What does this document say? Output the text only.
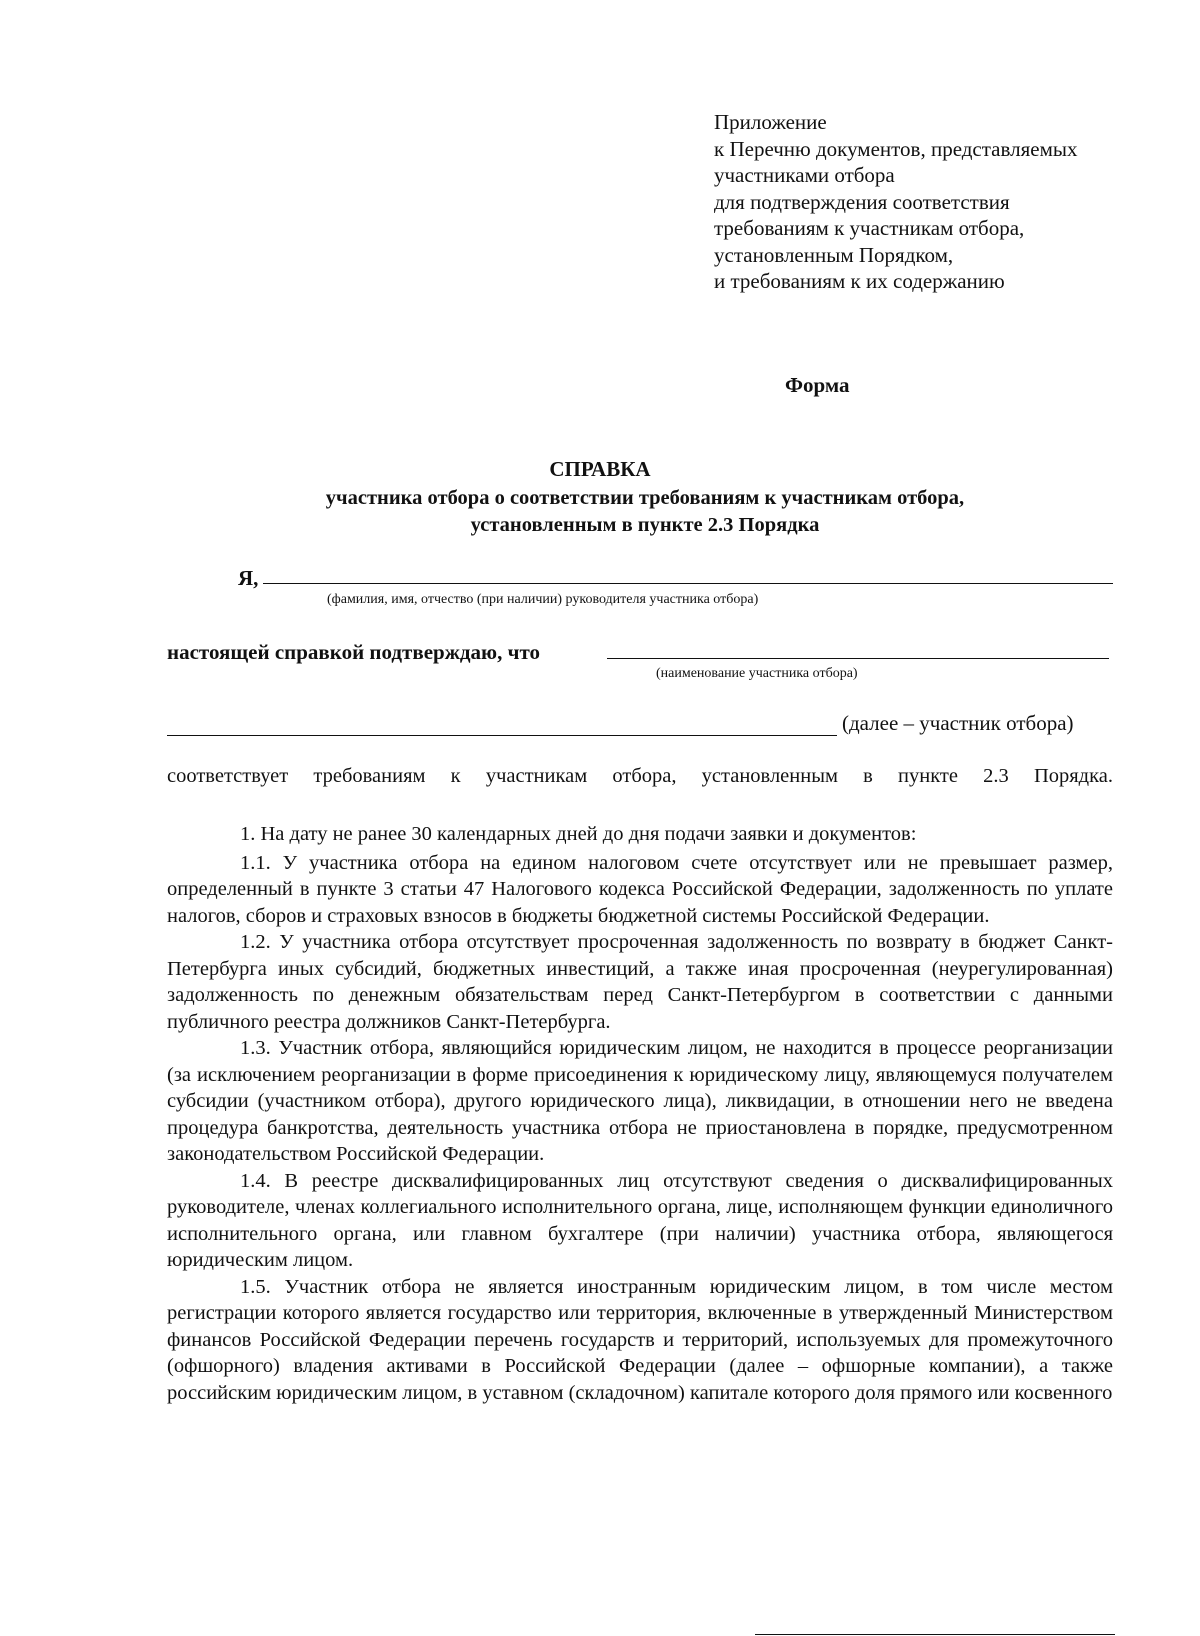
Приложение
к Перечню документов, представляемых
участниками отбора
для подтверждения соответствия
требованиям к участникам отбора,
установленным Порядком,
и требованиям к их содержанию
Форма
СПРАВКА
участника отбора о соответствии требованиям к участникам отбора,
установленным в пункте 2.3 Порядка
Я,
(фамилия, имя, отчество (при наличии) руководителя участника отбора)
настоящей справкой подтверждаю, что
(наименование участника отбора)
(далее – участник отбора)
соответствует требованиям к участникам отбора, установленным в пункте 2.3 Порядка.

1. На дату не ранее 30 календарных дней до дня подачи заявки и документов:

1.1. У участника отбора на едином налоговом счете отсутствует или не превышает размер, определенный в пункте 3 статьи 47 Налогового кодекса Российской Федерации, задолженность по уплате налогов, сборов и страховых взносов в бюджеты бюджетной системы Российской Федерации.

1.2. У участника отбора отсутствует просроченная задолженность по возврату в бюджет Санкт-Петербурга иных субсидий, бюджетных инвестиций, а также иная просроченная (неурегулированная) задолженность по денежным обязательствам перед Санкт-Петербургом в соответствии с данными публичного реестра должников Санкт-Петербурга.

1.3. Участник отбора, являющийся юридическим лицом, не находится в процессе реорганизации (за исключением реорганизации в форме присоединения к юридическому лицу, являющемуся получателем субсидии (участником отбора), другого юридического лица), ликвидации, в отношении него не введена процедура банкротства, деятельность участника отбора не приостановлена в порядке, предусмотренном законодательством Российской Федерации.

1.4. В реестре дисквалифицированных лиц отсутствуют сведения о дисквалифицированных руководителе, членах коллегиального исполнительного органа, лице, исполняющем функции единоличного исполнительного органа, или главном бухгалтере (при наличии) участника отбора, являющегося юридическим лицом.

1.5. Участник отбора не является иностранным юридическим лицом, в том числе местом регистрации которого является государство или территория, включенные в утвержденный Министерством финансов Российской Федерации перечень государств и территорий, используемых для промежуточного (офшорного) владения активами в Российской Федерации (далее – офшорные компании), а также российским юридическим лицом, в уставном (складочном) капитале которого доля прямого или косвенного
